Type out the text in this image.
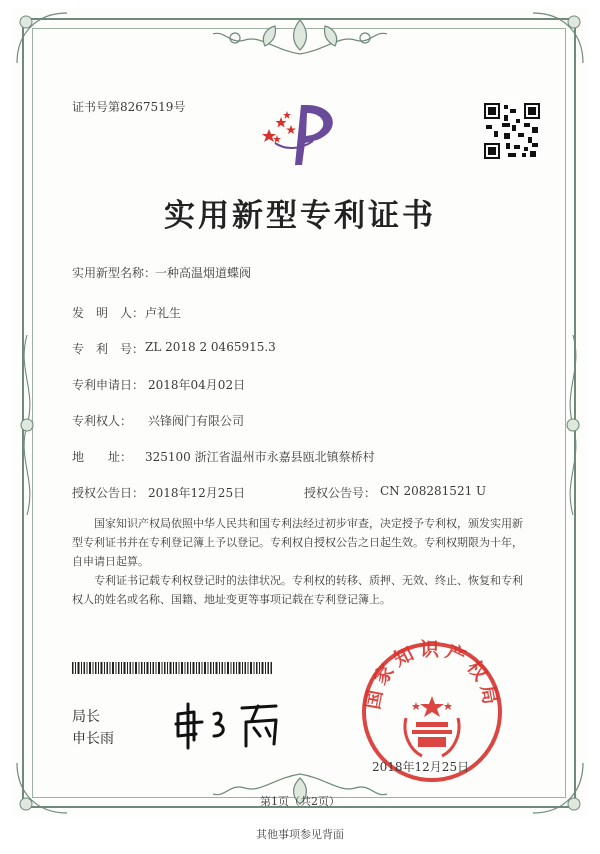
证书号第8267519号
实用新型专利证书
实用新型名称：
一种高温烟道蝶阀
发　明　人： 卢礼生
专　利　号： ZL 2018 2 0465915.3
专利申请日： 2018年04月02日
专利权人： 兴锋阀门有限公司
地　　址： 325100 浙江省温州市永嘉县瓯北镇蔡桥村
授权公告日： 2018年12月25日	授权公告号： CN 208281521 U
国家知识产权局依照中华人民共和国专利法经过初步审查，决定授予专利权，颁发实用新型专利证书并在专利登记簿上予以登记。专利权自授权公告之日起生效。专利权期限为十年，自申请日起算。
专利证书记载专利权登记时的法律状况。专利权的转移、质押、无效、终止、恢复和专利权人的姓名或名称、国籍、地址变更等事项记载在专利登记簿上。
局长
申长雨
国家知识产权局
2018年12月25日
第1页（共2页）
其他事项参见背面
